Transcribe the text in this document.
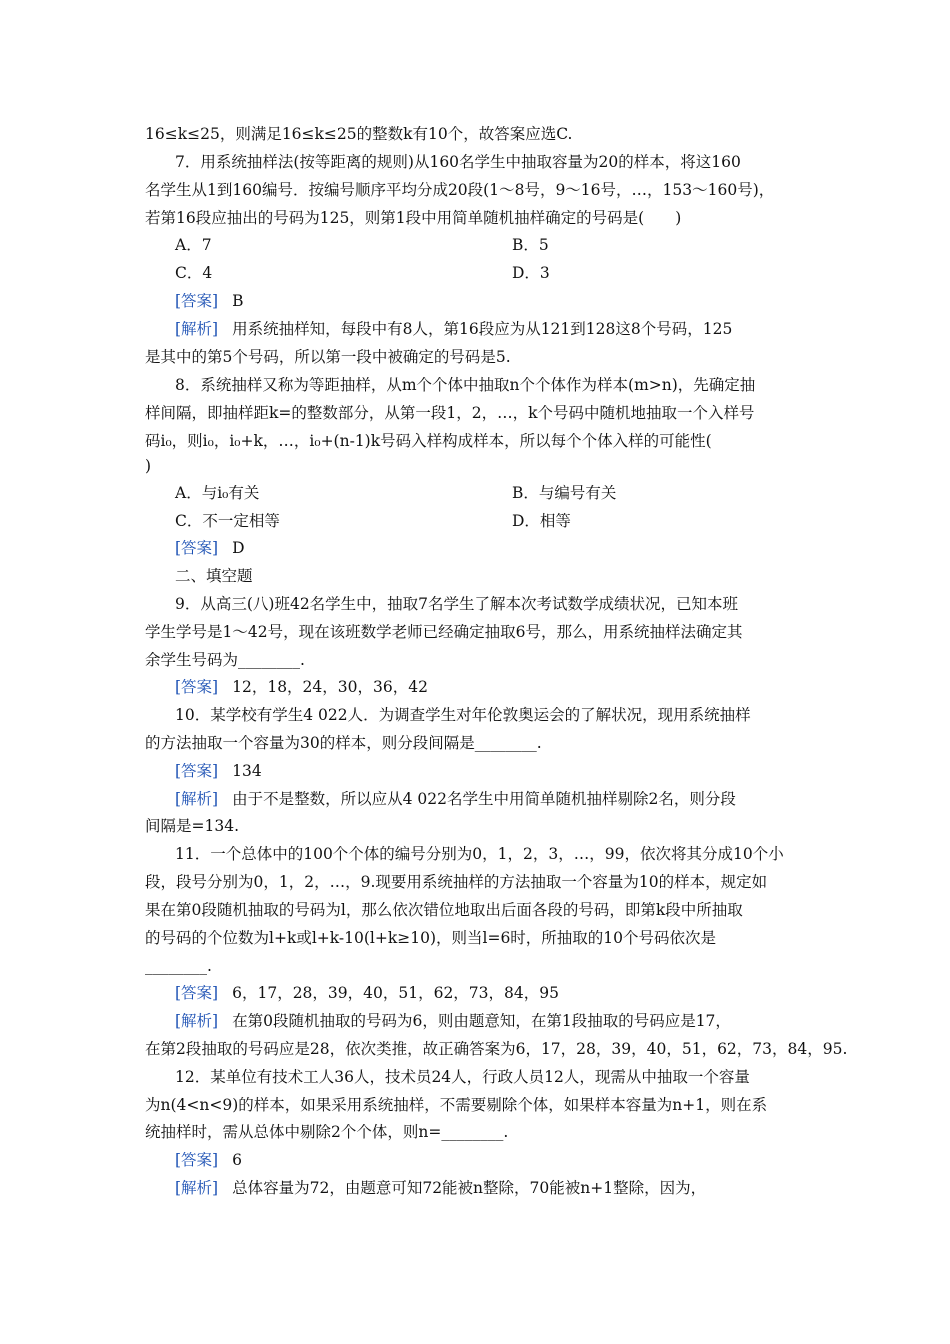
16≤k≤25，则满足16≤k≤25的整数k有10个，故答案应选C.
7．用系统抽样法(按等距离的规则)从160名学生中抽取容量为20的样本，将这160
名学生从1到160编号．按编号顺序平均分成20段(1～8号，9～16号，…，153～160号)，
若第16段应抽出的号码为125，则第1段中用简单随机抽样确定的号码是(　　)
A．7	B．5
C．4	D．3
[答案] B
[解析] 用系统抽样知，每段中有8人，第16段应为从121到128这8个号码，125
是其中的第5个号码，所以第一段中被确定的号码是5.
8．系统抽样又称为等距抽样，从m个个体中抽取n个个体作为样本(m>n)，先确定抽
样间隔，即抽样距k=的整数部分，从第一段1，2，…，k个号码中随机地抽取一个入样号
码i₀，则i₀，i₀+k，…，i₀+(n-1)k号码入样构成样本，所以每个个体入样的可能性(
)
A．与i₀有关	B．与编号有关
C．不一定相等	D．相等
[答案] D
二、填空题
9．从高三(八)班42名学生中，抽取7名学生了解本次考试数学成绩状况，已知本班
学生学号是1～42号，现在该班数学老师已经确定抽取6号，那么，用系统抽样法确定其
余学生号码为________.
[答案] 12，18，24，30，36，42
10．某学校有学生4 022人．为调查学生对年伦敦奥运会的了解状况，现用系统抽样
的方法抽取一个容量为30的样本，则分段间隔是________.
[答案] 134
[解析] 由于不是整数，所以应从4 022名学生中用简单随机抽样剔除2名，则分段
间隔是=134.
11．一个总体中的100个个体的编号分别为0，1，2，3，…，99，依次将其分成10个小
段，段号分别为0，1，2，…，9.现要用系统抽样的方法抽取一个容量为10的样本，规定如
果在第0段随机抽取的号码为l，那么依次错位地取出后面各段的号码，即第k段中所抽取
的号码的个位数为l+k或l+k-10(l+k≥10)，则当l=6时，所抽取的10个号码依次是
________.
[答案] 6，17，28，39，40，51，62，73，84，95
[解析] 在第0段随机抽取的号码为6，则由题意知，在第1段抽取的号码应是17，
在第2段抽取的号码应是28，依次类推，故正确答案为6，17，28，39，40，51，62，73，84，95.
12．某单位有技术工人36人，技术员24人，行政人员12人，现需从中抽取一个容量
为n(4<n<9)的样本，如果采用系统抽样，不需要剔除个体，如果样本容量为n+1，则在系
统抽样时，需从总体中剔除2个个体，则n=________.
[答案] 6
[解析] 总体容量为72，由题意可知72能被n整除，70能被n+1整除，因为，
